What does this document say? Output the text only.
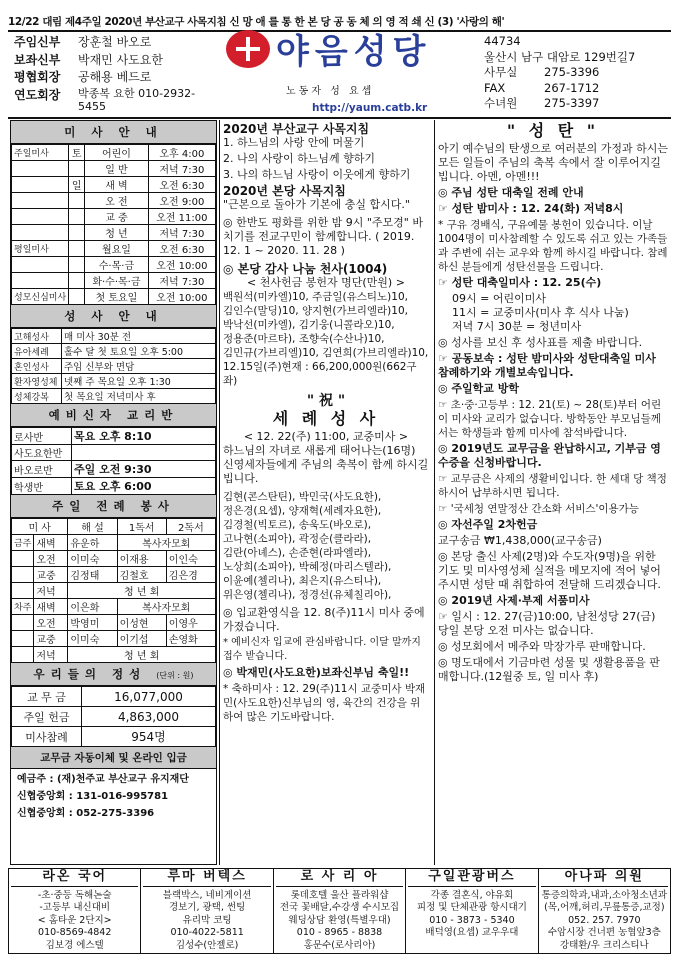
12/22 대림 제4주일 2020년 부산교구 사목지침 신 망 애 를 통 한 본 당 공 동 체 의 영 적 쇄 신 (3) '사랑의 해'
주임신부	장훈철 바오로
보좌신부	박재민 사도요한
평협회장	공해용 베드로
연도회장	박종복 요한 010-2932-5455
야음성당
노동자 성 요셉
http://yaum.catb.kr
44734
울산시 남구 대암로 129번길7
사무실	275-3396
FAX	267-1712
수녀원	275-3397
미 사 안 내
주일미사	토	어린이	오후 4:00
		일 반	저녁 7:30
	일	새 벽	오전 6:30
		오 전	오전 9:00
		교 중	오전 11:00
		청 년	저녁 7:30
평일미사		월요일	오전 6:30
		수·목·금	오전 10:00
		화·수·목·금	저녁 7:30
성모신심미사		첫 토요일	오전 10:00
성 사 안 내
고해성사	매 미사 30분 전
유아세례	홀수 달 첫 토요일 오후 5:00
혼인성사	주임 신부와 면담
환자영성체	넷째 주 목요일 오후 1:30
성체강복	첫 목요일 저녁미사 후
예비신자 교리반
로사반	목요 오후 8:10
사도요한반	
바오로반	주일 오전 9:30
학생반	토요 오후 6:00
주일 전례 봉사
미 사		해 설	1독서	2독서
금주	새벽	유운하	복사자모회	
	오전	이미숙	이재용	이인숙
	교중	김정태	김철호	김은경
	저녁	청 년 회		
차주	새벽	이은화	복사자모회	
	오전	박영미	이성현	이영우
	교중	이미숙	이기섭	손영화
	저녁	청 년 회		
우리들의 정성 (단위 : 원)
교 무 금	16,077,000
주일 헌금	4,863,000
미사참례	954명
교무금 자동이체 및 온라인 입금
예금주 : (재)천주교 부산교구 유지재단
신협중앙회 : 131-016-995781
신협중앙회 : 052-275-3396
2020년 부산교구 사목지침
1. 하느님의 사랑 안에 머물기
2. 나의 사랑이 하느님께 향하기
3. 나의 하느님 사랑이 이웃에게 향하기
2020년 본당 사목지침
"근본으로 돌아가 기본에 충실 합시다."
◎ 한반도 평화를 위한 밤 9시 "주모경" 바치기를 전교구민이 함께합니다. ( 2019. 12. 1 ~ 2020. 11. 28 )
◎ 본당 감사 나눔 천사(1004)
< 천사헌금 봉헌자 명단(만원) >
백원석(미카엘)10, 주금일(유스티노)10,
김인수(말딩)10, 양지현(가브리엘라)10,
박낙선(미카엘), 김기웅(니콜라오)10,
정용준(마르타), 조향숙(수산나)10,
김민규(가브리엘)10, 김연희(가브리엘라)10,
12.15일(주)현재 : 66,200,000원(662구좌)
" 祝 "
세 례 성 사
< 12. 22(주) 11:00, 교중미사 >
하느님의 자녀로 새롭게 태어나는(16명) 신영세자들에게 주님의 축복이 함께 하시길 빕니다.
김현(콘스탄틴), 박민국(사도요한),
정은경(요셉), 양재혁(세례자요한),
김경철(빅토르), 송욱도(바오로),
고나현(소피아), 곽정순(클라라),
김란(아녜스), 손준현(라파엘라),
노상희(소피아), 박혜정(마리스텔라),
이윤예(첼리나), 최은지(유스티나),
위은영(첼리나), 정경선(유체칠리아),
◎ 입교환영식을 12. 8(주)11시 미사 중에 가졌습니다.
* 예비신자 입교에 관심바랍니다. 이달 말까지 접수 받습니다.
◎ 박재민(사도요한)보좌신부님 축일!!
* 축하미사 : 12. 29(주)11시 교중미사 박재민(사도요한)신부님의 영, 육간의 건강을 위하여 많은 기도바랍니다.
" 성 탄 "
아기 예수님의 탄생으로 여러분의 가정과 하시는 모든 일들이 주님의 축복 속에서 잘 이루어지길 빕니다. 아멘, 아멘!!!
◎ 주님 성탄 대축일 전례 안내
☞ 성탄 밤미사 : 12. 24(화) 저녁8시
* 구유 경배식, 구유예물 봉헌이 있습니다. 이날 1004명이 미사참례할 수 있도록 쉬고 있는 가족들과 주변에 쉬는 교우와 함께 하시길 바랍니다. 참례하신 분들에게 성탄선물을 드립니다.
☞ 성탄 대축일미사 : 12. 25(수)
09시 = 어린이미사
11시 = 교중미사(미사 후 식사 나눔)
저녁 7시 30분 = 청년미사
◎ 성사를 보신 후 성사표를 제출 바랍니다.
☞ 공동보속 : 성탄 밤미사와 성탄대축일 미사 참례하기와 개별보속입니다.
◎ 주일학교 방학
☞ 초·중·고등부 : 12. 21(토) ~ 28(토)부터 어린이 미사와 교리가 없습니다. 방학동안 부모님들께서는 학생들과 함께 미사에 참석바랍니다.
◎ 2019년도 교무금을 완납하시고, 기부금 영수증을 신청바랍니다.
☞ 교무금은 사제의 생활비입니다. 한 세대 당 책정하시어 납부하시면 됩니다.
☞ '국세청 연말정산 간소화 서비스'이용가능
◎ 자선주일 2차헌금
교구송금 ₩1,438,000(교구송금)
◎ 본당 출신 사제(2명)와 수도자(9명)을 위한 기도 및 미사영성체 실적을 메모지에 적어 넣어주시면 성탄 때 취합하여 전달해 드리겠습니다.
◎ 2019년 사제·부제 서품미사
☞ 일시 : 12. 27(금)10:00, 남천성당 27(금) 당일 본당 오전 미사는 없습니다.
◎ 성모회에서 메주와 막장가루 판매합니다.
◎ 명도대에서 기금마련 성물 및 생활용품을 판매합니다.(12월중 토, 일 미사 후)
라온 국어
-초·중등 독해논술
-고등부 내신대비
< 홈타운 2단지>
010-8569-4842
김보경 에스텔
루마 버텍스
블랙박스, 네비게이션
경보기, 광택, 썬팅
유리막 코팅
010-4022-5811
김성수(안젤로)
로 사 리 아
롯데호텔 울산 플라워샵
전국 꽃배달,수강생 수시모집
웨딩상담 환영(특별우대)
010 - 8965 - 8838
홍문수(로사리아)
구일관광버스
각종 결혼식, 야유회
피정 및 단체관광 항시대기
010 - 3873 - 5340
배덕영(요셉) 교우우대
아나파 의원
통증의학과,내과,소아청소년과
(목,어깨,허리,무릎통증,교정)
052. 257. 7970
수암시장 건너편 농협앞3층
강태환/우 크리스티나
